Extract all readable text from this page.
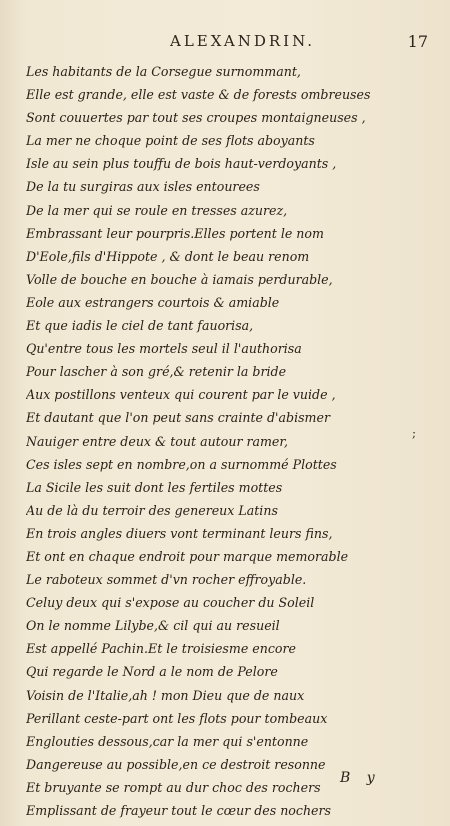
ALEXANDRIN.	17
Les habitants de la Corsegue surnommant,
Elle est grande, elle est vaste & de forests ombreuses
Sont couuertes par tout ses croupes montaigneuses ,
La mer ne choque point de ses flots aboyants
Isle au sein plus touffu de bois haut-verdoyants ,
De la tu surgiras aux isles entourees
De la mer qui se roule en tresses azurez,
Embrassant leur pourpris.Elles portent le nom
D'Eole,fils d'Hippote , & dont le beau renom
Volle de bouche en bouche à iamais perdurable,
Eole aux estrangers courtois & amiable
Et que iadis le ciel de tant fauorisa,
Qu'entre tous les mortels seul il l'authorisa
Pour lascher à son gré,& retenir la bride
Aux postillons venteux qui courent par le vuide ,
Et dautant que l'on peut sans crainte d'abismer
Nauiger entre deux & tout autour ramer,
Ces isles sept en nombre,on a surnommé Plottes
La Sicile les suit dont les fertiles mottes
Au de là du terroir des genereux Latins
En trois angles diuers vont terminant leurs fins,
Et ont en chaque endroit pour marque memorable
Le raboteux sommet d'vn rocher effroyable.
Celuy deux qui s'expose au coucher du Soleil
On le nomme Lilybe,& cil qui au resueil
Est appellé Pachin.Et le troisiesme encore
Qui regarde le Nord a le nom de Pelore
Voisin de l'Italie,ah ! mon Dieu que de naux
Perillant ceste-part ont les flots pour tombeaux
Englouties dessous,car la mer qui s'entonne
Dangereuse au possible,en ce destroit resonne
Et bruyante se rompt au dur choc des rochers
Emplissant de frayeur tout le cœur des nochers
;
B y
